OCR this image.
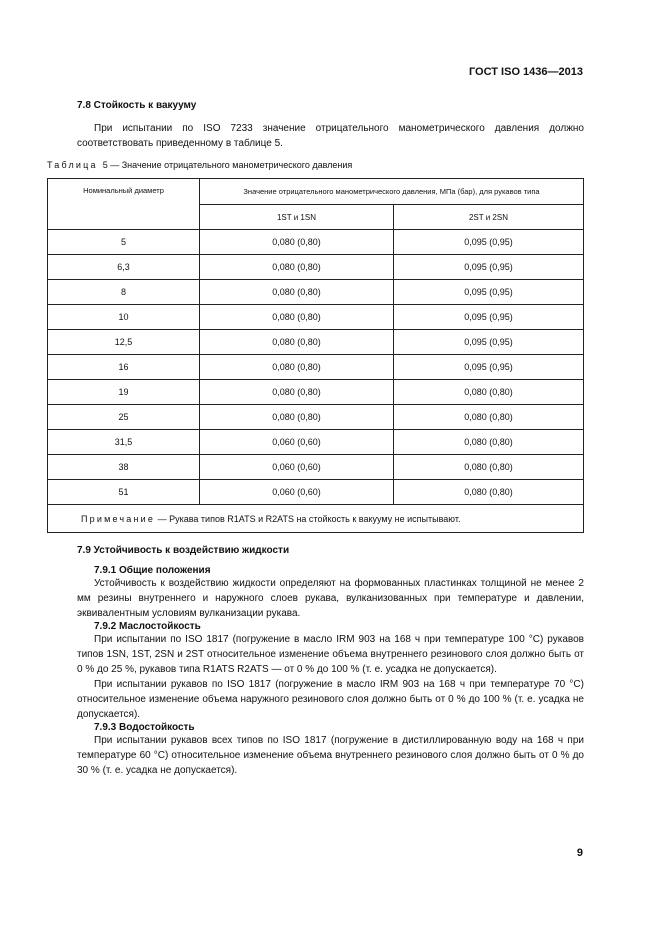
ГОСТ ISO 1436—2013
7.8 Стойкость к вакууму

При испытании по ISO 7233 значение отрицательного манометрического давления должно соответствовать приведенному в таблице 5.

Таблица 5 — Значение отрицательного манометрического давления
Номинальный диаметр	Значение отрицательного манометрического давления, МПа (бар), для рукавов типа	
	1ST и 1SN	2ST и 2SN
5	0,080 (0,80)	0,095 (0,95)
6,3	0,080 (0,80)	0,095 (0,95)
8	0,080 (0,80)	0,095 (0,95)
10	0,080 (0,80)	0,095 (0,95)
12,5	0,080 (0,80)	0,095 (0,95)
16	0,080 (0,80)	0,095 (0,95)
19	0,080 (0,80)	0,080 (0,80)
25	0,080 (0,80)	0,080 (0,80)
31,5	0,060 (0,60)	0,080 (0,80)
38	0,060 (0,60)	0,080 (0,80)
51	0,060 (0,60)	0,080 (0,80)
Примечание — Рукава типов R1ATS и R2ATS на стойкость к вакууму не испытывают.		
7.9 Устойчивость к воздействию жидкости
7.9.1 Общие положения

Устойчивость к воздействию жидкости определяют на формованных пластинках толщиной не менее 2 мм резины внутреннего и наружного слоев рукава, вулканизованных при температуре и давлении, эквивалентным условиям вулканизации рукава.

7.9.2 Маслостойкость

При испытании по ISO 1817 (погружение в масло IRM 903 на 168 ч при температуре 100 °С) рукавов типов 1SN, 1ST, 2SN и 2ST относительное изменение объема внутреннего резинового слоя должно быть от 0 % до 25 %, рукавов типа R1ATS R2ATS — от 0 % до 100 % (т. е. усадка не допускается).

При испытании рукавов по ISO 1817 (погружение в масло IRM 903 на 168 ч при температуре 70 °С) относительное изменение объема наружного резинового слоя должно быть от 0 % до 100 % (т. е. усадка не допускается).

7.9.3 Водостойкость

При испытании рукавов всех типов по ISO 1817 (погружение в дистиллированную воду на 168 ч при температуре 60 °С) относительное изменение объема внутреннего резинового слоя должно быть от 0 % до 30 % (т. е. усадка не допускается).

9
